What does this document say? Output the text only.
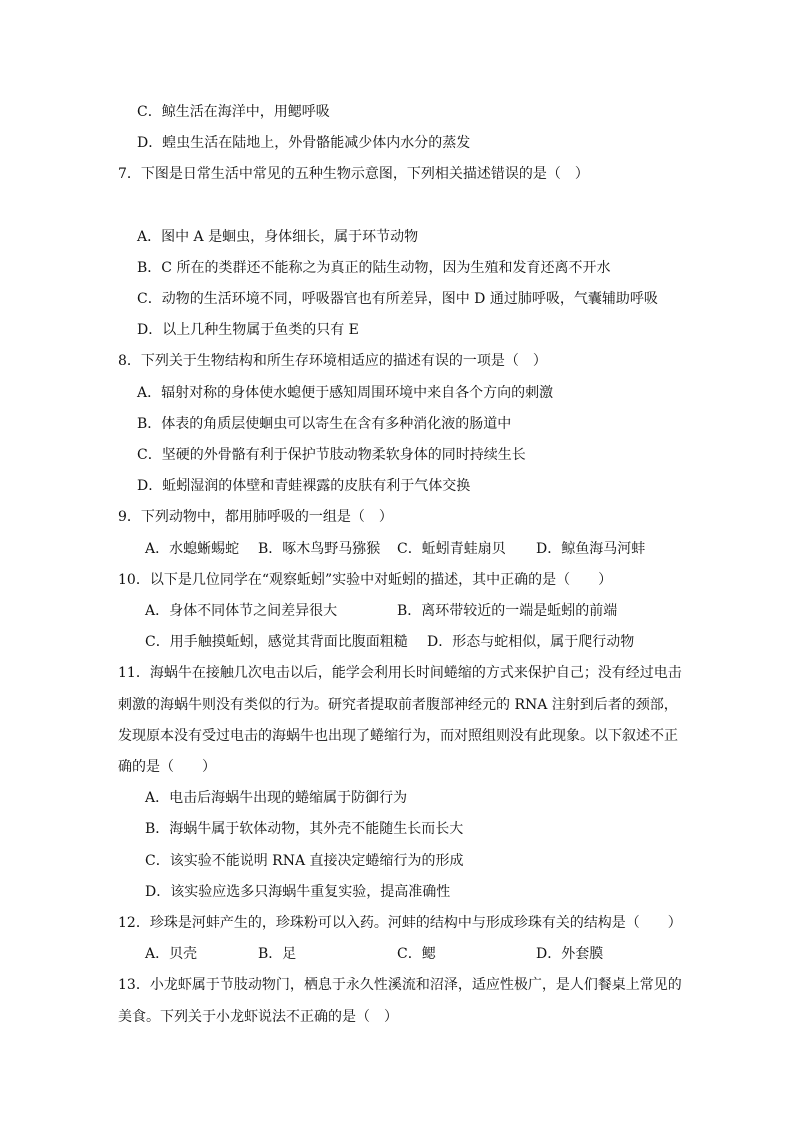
C．鲸生活在海洋中，用鳃呼吸
D．蝗虫生活在陆地上，外骨骼能减少体内水分的蒸发
7．下图是日常生活中常见的五种生物示意图，下列相关描述错误的是（　）
A．图中 A 是蛔虫，身体细长，属于环节动物
B．C 所在的类群还不能称之为真正的陆生动物，因为生殖和发育还离不开水
C．动物的生活环境不同，呼吸器官也有所差异，图中 D 通过肺呼吸，气囊辅助呼吸
D．以上几种生物属于鱼类的只有 E
8．下列关于生物结构和所生存环境相适应的描述有误的一项是（　）
A．辐射对称的身体使水螅便于感知周围环境中来自各个方向的刺激
B．体表的角质层使蛔虫可以寄生在含有多种消化液的肠道中
C．坚硬的外骨骼有利于保护节肢动物柔软身体的同时持续生长
D．蚯蚓湿润的体壁和青蛙裸露的皮肤有利于气体交换
9．下列动物中，都用肺呼吸的一组是（　）
A．水螅蜥蜴蛇 B．啄木鸟野马猕猴 C．蚯蚓青蛙扇贝 D．鲸鱼海马河蚌
10．以下是几位同学在“观察蚯蚓”实验中对蚯蚓的描述，其中正确的是（　　）
A．身体不同体节之间差异很大	B．离环带较近的一端是蚯蚓的前端
C．用手触摸蚯蚓，感觉其背面比腹面粗糙 D．形态与蛇相似，属于爬行动物
11．海蜗牛在接触几次电击以后，能学会利用长时间蜷缩的方式来保护自己；没有经过电击
刺激的海蜗牛则没有类似的行为。研究者提取前者腹部神经元的 RNA 注射到后者的颈部，
发现原本没有受过电击的海蜗牛也出现了蜷缩行为，而对照组则没有此现象。以下叙述不正
确的是（　　）
A．电击后海蜗牛出现的蜷缩属于防御行为
B．海蜗牛属于软体动物，其外壳不能随生长而长大
C．该实验不能说明 RNA 直接决定蜷缩行为的形成
D．该实验应选多只海蜗牛重复实验，提高准确性
12．珍珠是河蚌产生的，珍珠粉可以入药。河蚌的结构中与形成珍珠有关的结构是（　　）
A．贝壳	B．足	C．鳃	D．外套膜
13．小龙虾属于节肢动物门，栖息于永久性溪流和沼泽，适应性极广，是人们餐桌上常见的
美食。下列关于小龙虾说法不正确的是（　）
